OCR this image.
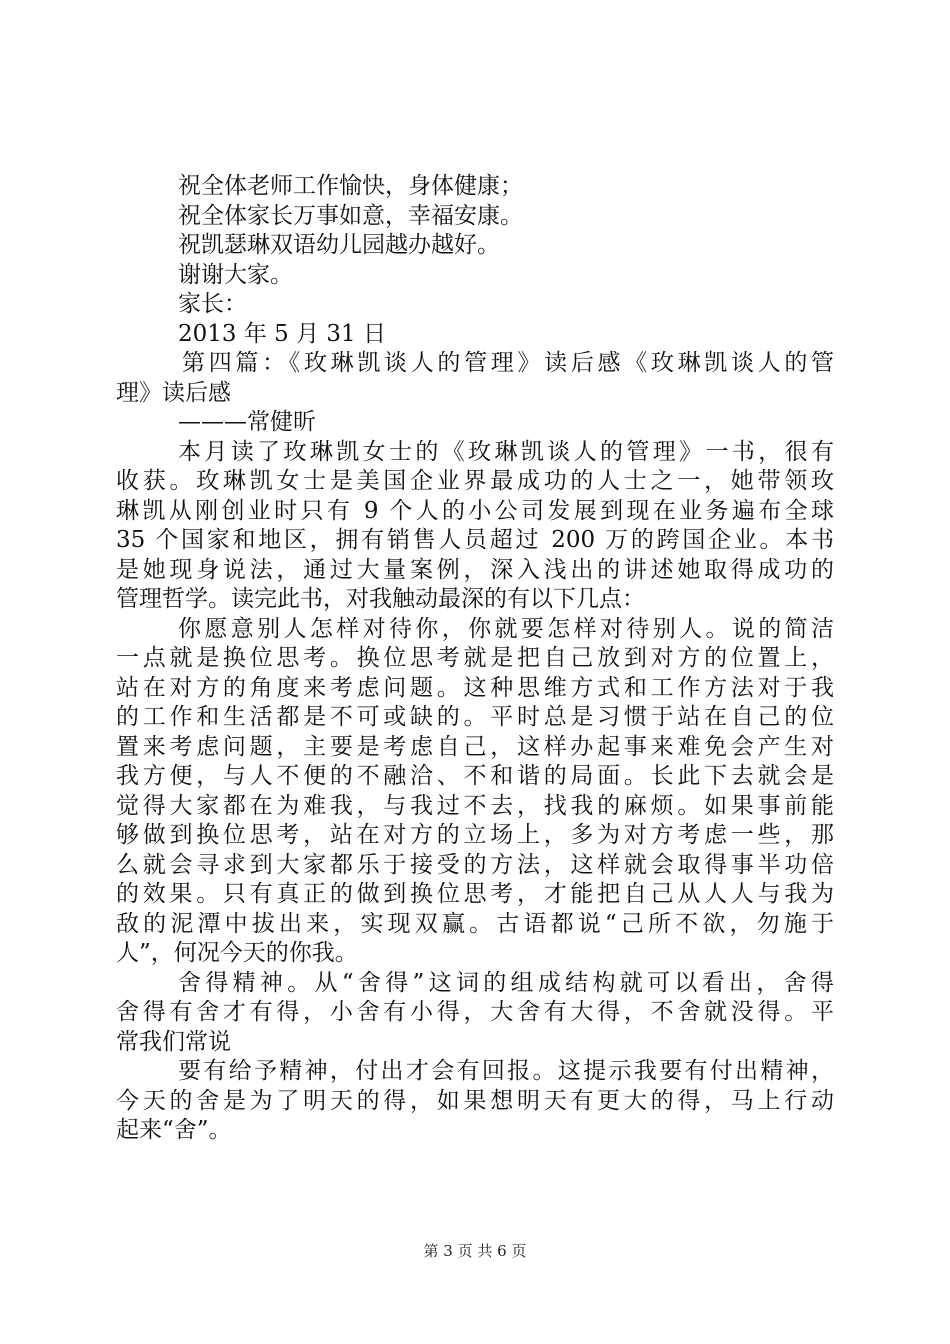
祝全体老师工作愉快，身体健康；
祝全体家长万事如意，幸福安康。
祝凯瑟琳双语幼儿园越办越好。
谢谢大家。
家长：
2013 年 5 月 31 日
第四篇：《玫琳凯谈人的管理》读后感《玫琳凯谈人的管
理》读后感
———常健昕
本月读了玫琳凯女士的《玫琳凯谈人的管理》一书，很有
收获。玫琳凯女士是美国企业界最成功的人士之一，她带领玫
琳凯从刚创业时只有 9 个人的小公司发展到现在业务遍布全球
35 个国家和地区，拥有销售人员超过 200 万的跨国企业。本书
是她现身说法，通过大量案例，深入浅出的讲述她取得成功的
管理哲学。读完此书，对我触动最深的有以下几点：
你愿意别人怎样对待你，你就要怎样对待别人。说的简洁
一点就是换位思考。换位思考就是把自己放到对方的位置上，
站在对方的角度来考虑问题。这种思维方式和工作方法对于我
的工作和生活都是不可或缺的。平时总是习惯于站在自己的位
置来考虑问题，主要是考虑自己，这样办起事来难免会产生对
我方便，与人不便的不融洽、不和谐的局面。长此下去就会是
觉得大家都在为难我，与我过不去，找我的麻烦。如果事前能
够做到换位思考，站在对方的立场上，多为对方考虑一些，那
么就会寻求到大家都乐于接受的方法，这样就会取得事半功倍
的效果。只有真正的做到换位思考，才能把自己从人人与我为
敌的泥潭中拔出来，实现双赢。古语都说“己所不欲，勿施于
人”，何况今天的你我。
舍得精神。从“舍得”这词的组成结构就可以看出，舍得
舍得有舍才有得，小舍有小得，大舍有大得，不舍就没得。平
常我们常说
要有给予精神，付出才会有回报。这提示我要有付出精神，
今天的舍是为了明天的得，如果想明天有更大的得，马上行动
起来“舍”。
第 3 页 共 6 页
